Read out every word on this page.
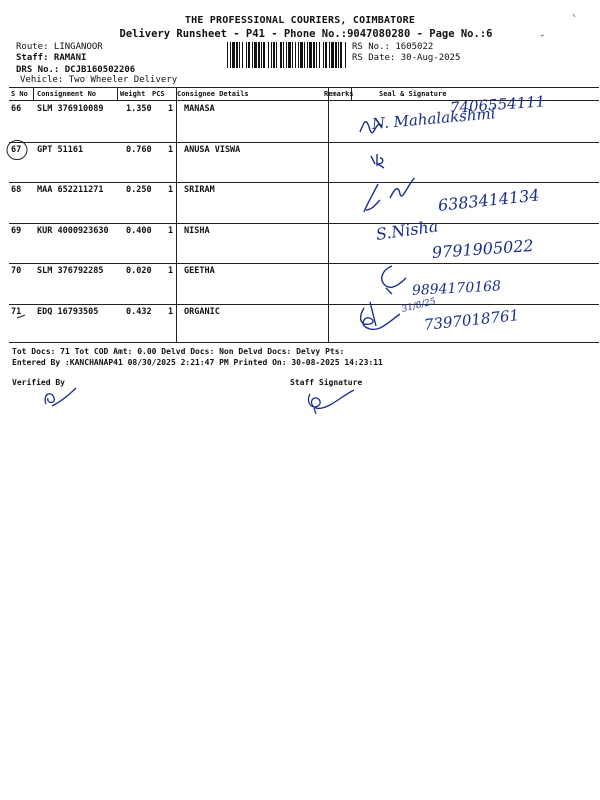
THE PROFESSIONAL COURIERS, COIMBATORE
Delivery Runsheet - P41 - Phone No.:9047080280 - Page No.:6
Route: LINGANOOR
Staff: RAMANI
DRS No.: DCJB160502206
Vehicle: Two Wheeler Delivery
RS No.: 1605022
RS Date: 30-Aug-2025
S No Consignment No	Weight PCS Consignee Details	Remarks	Seal & Signature
66 SLM 376910089	1.350 1 MANASA
67 GPT 51161	0.760 1 ANUSA VISWA
68 MAA 652211271	0.250 1 SRIRAM
69 KUR 4000923630 0.400 1 NISHA
70 SLM 376792285	0.020 1 GEETHA
71 EDQ 16793505	0.432 1 ORGANIC
Tot Docs: 71 Tot COD Amt: 0.00 Delvd Docs: Non Delvd Docs: Delvy Pts:
Entered By :KANCHANAP41 08/30/2025 2:21:47 PM Printed On: 30-08-2025 14:23:11
Verified By	Staff Signature
7406554111
N. Mahalakshmi
6383414134
S.Nisha
9791905022
9894170168
31/8/25
7397018761
